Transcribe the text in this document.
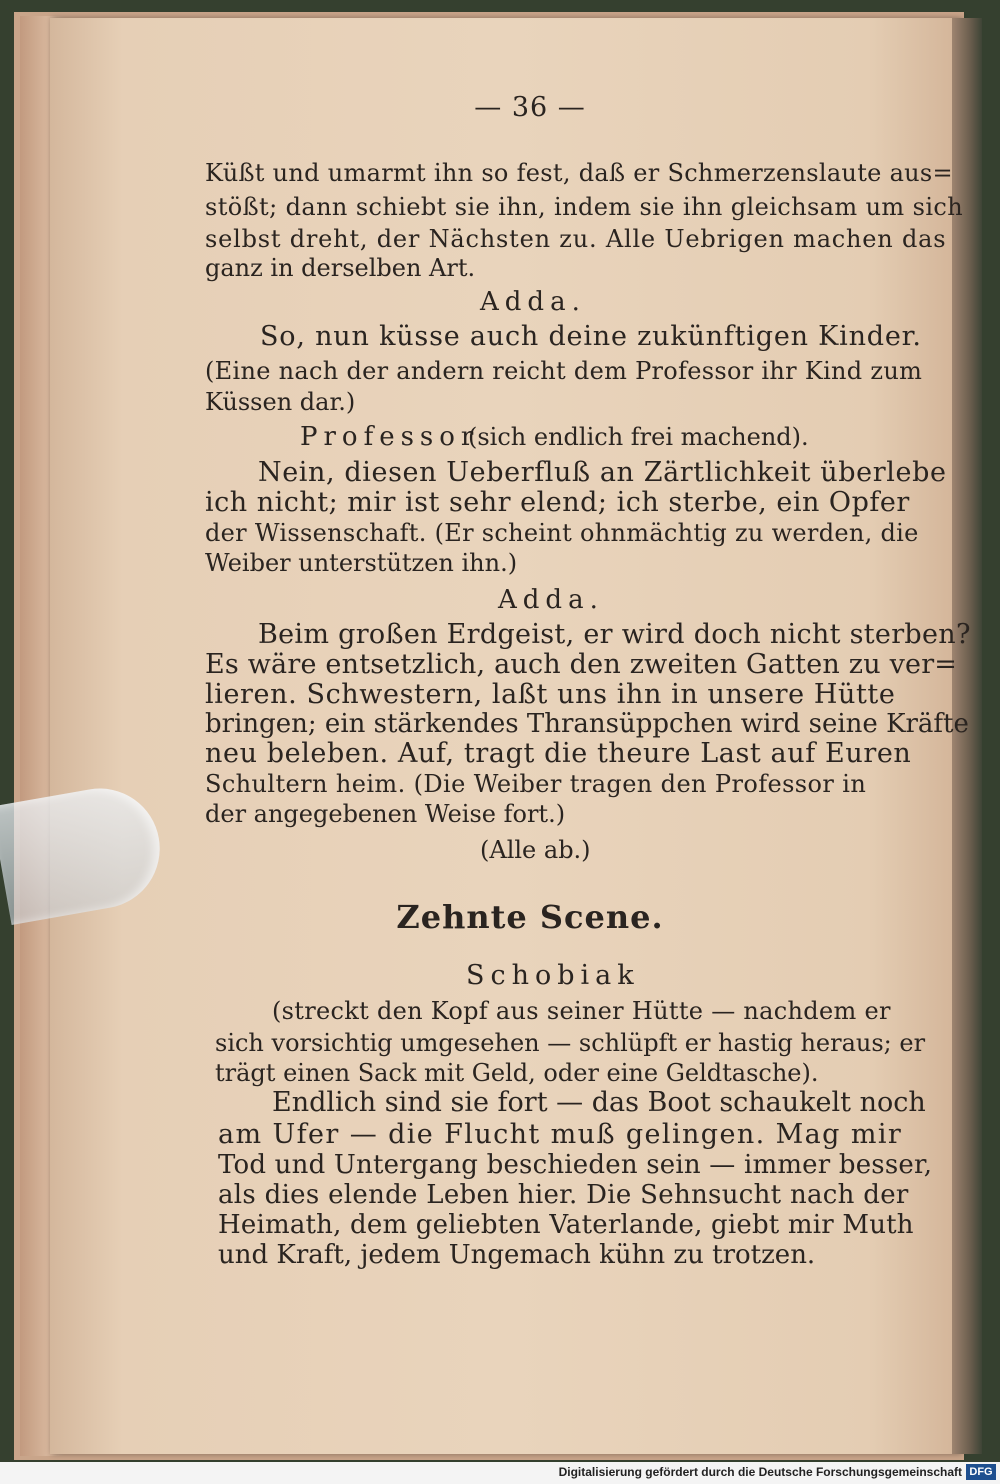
— 36 —
Küßt und umarmt ihn so fest, daß er Schmerzenslaute aus=
stößt; dann schiebt sie ihn, indem sie ihn gleichsam um sich
selbst dreht, der Nächsten zu. Alle Uebrigen machen das
ganz in derselben Art.
Adda.
So, nun küsse auch deine zukünftigen Kinder.
(Eine nach der andern reicht dem Professor ihr Kind zum
Küssen dar.)
Professor
(sich endlich frei machend).
Nein, diesen Ueberfluß an Zärtlichkeit überlebe
ich nicht; mir ist sehr elend; ich sterbe, ein Opfer
der Wissenschaft. (Er scheint ohnmächtig zu werden, die
Weiber unterstützen ihn.)
Adda.
Beim großen Erdgeist, er wird doch nicht sterben?
Es wäre entsetzlich, auch den zweiten Gatten zu ver=
lieren. Schwestern, laßt uns ihn in unsere Hütte
bringen; ein stärkendes Thransüppchen wird seine Kräfte
neu beleben. Auf, tragt die theure Last auf Euren
Schultern heim. (Die Weiber tragen den Professor in
der angegebenen Weise fort.)
(Alle ab.)
Zehnte Scene.
Schobiak
(streckt den Kopf aus seiner Hütte — nachdem er
sich vorsichtig umgesehen — schlüpft er hastig heraus; er
trägt einen Sack mit Geld, oder eine Geldtasche).
Endlich sind sie fort — das Boot schaukelt noch
am Ufer — die Flucht muß gelingen. Mag mir
Tod und Untergang beschieden sein — immer besser,
als dies elende Leben hier. Die Sehnsucht nach der
Heimath, dem geliebten Vaterlande, giebt mir Muth
und Kraft, jedem Ungemach kühn zu trotzen.
Digitalisierung gefördert durch die Deutsche Forschungsgemeinschaft DFG
